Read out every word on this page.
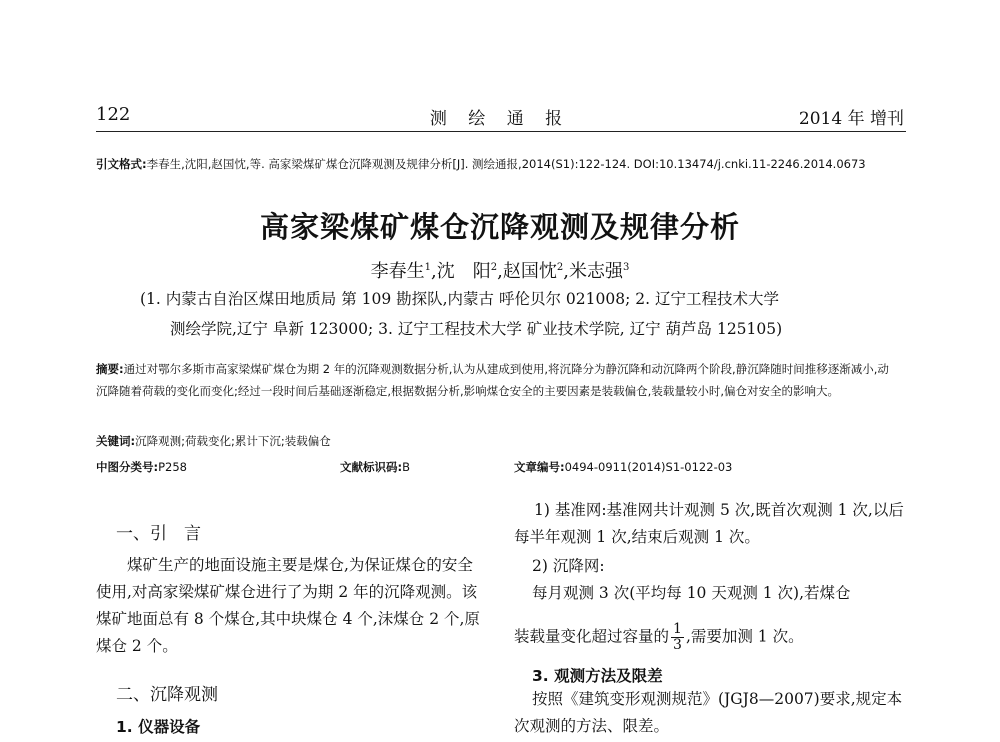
122	测 绘 通 报	2014 年 增刊
引文格式:李春生,沈阳,赵国忱,等. 高家梁煤矿煤仓沉降观测及规律分析[J]. 测绘通报,2014(S1):122-124. DOI:10.13474/j.cnki.11-2246.2014.0673
高家梁煤矿煤仓沉降观测及规律分析
李春生$^1$,沈　阳$^2$,赵国忱$^2$,米志强$^3$
(1. 内蒙古自治区煤田地质局 第 109 勘探队,内蒙古 呼伦贝尔 021008; 2. 辽宁工程技术大学
测绘学院,辽宁 阜新 123000; 3. 辽宁工程技术大学 矿业技术学院, 辽宁 葫芦岛 125105)
摘要:通过对鄂尔多斯市高家梁煤矿煤仓为期 2 年的沉降观测数据分析,认为从建成到使用,将沉降分为静沉降和动沉降两个阶段,静沉降随时间推移逐渐减小,动沉降随着荷载的变化而变化;经过一段时间后基础逐渐稳定,根据数据分析,影响煤仓安全的主要因素是装载偏仓,装载量较小时,偏仓对安全的影响大。
关键词:沉降观测;荷载变化;累计下沉;装载偏仓
中图分类号:P258	文献标识码:B	文章编号:0494-0911(2014)S1-0122-03
一、引　言
煤矿生产的地面设施主要是煤仓,为保证煤仓的安全使用,对高家梁煤矿煤仓进行了为期 2 年的沉降观测。该煤矿地面总有 8 个煤仓,其中块煤仓 4 个,沫煤仓 2 个,原煤仓 2 个。
二、沉降观测
1. 仪器设备
1) 基准网:基准网共计观测 5 次,既首次观测 1 次,以后每半年观测 1 次,结束后观测 1 次。
2) 沉降网:
每月观测 3 次(平均每 10 天观测 1 次),若煤仓
装载量变化超过容量的 $\frac{1}{3}$ ,需要加测 1 次。
3. 观测方法及限差
按照《建筑变形观测规范》(JGJ8—2007)要求,规定本次观测的方法、限差。
